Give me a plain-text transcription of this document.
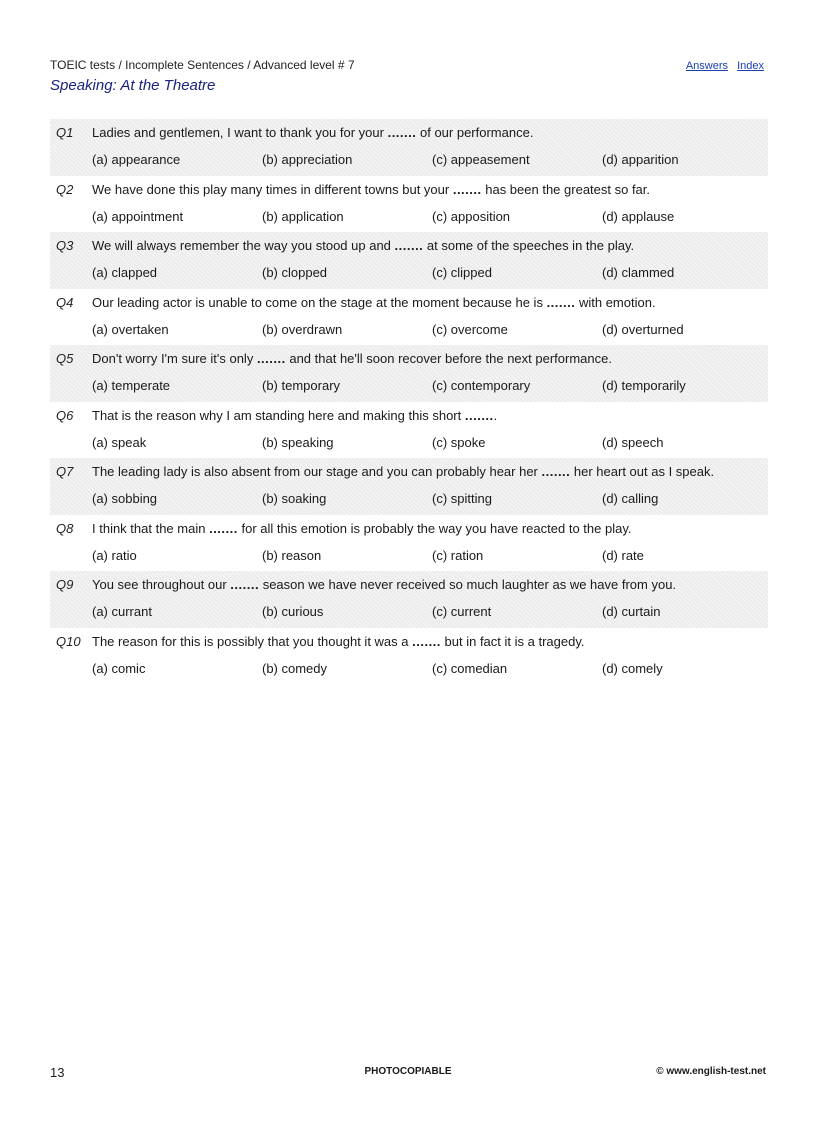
TOEIC tests / Incomplete Sentences / Advanced level # 7
Speaking: At the Theatre
Answers Index
Q1 Ladies and gentlemen, I want to thank you for your ....... of our performance.
(a) appearance	(b) appreciation	(c) appeasement	(d) apparition
Q2 We have done this play many times in different towns but your ....... has been the greatest so far.
(a) appointment	(b) application	(c) apposition	(d) applause
Q3 We will always remember the way you stood up and ....... at some of the speeches in the play.
(a) clapped	(b) clopped	(c) clipped	(d) clammed
Q4 Our leading actor is unable to come on the stage at the moment because he is ....... with emotion.
(a) overtaken	(b) overdrawn	(c) overcome	(d) overturned
Q5 Don't worry I'm sure it's only ....... and that he'll soon recover before the next performance.
(a) temperate	(b) temporary	(c) contemporary	(d) temporarily
Q6 That is the reason why I am standing here and making this short ........
(a) speak	(b) speaking	(c) spoke	(d) speech
Q7 The leading lady is also absent from our stage and you can probably hear her ....... her heart out as I speak.
(a) sobbing	(b) soaking	(c) spitting	(d) calling
Q8 I think that the main ....... for all this emotion is probably the way you have reacted to the play.
(a) ratio	(b) reason	(c) ration	(d) rate
Q9 You see throughout our ....... season we have never received so much laughter as we have from you.
(a) currant	(b) curious	(c) current	(d) curtain
Q10 The reason for this is possibly that you thought it was a ....... but in fact it is a tragedy.
(a) comic	(b) comedy	(c) comedian	(d) comely
13	PHOTOCOPIABLE	© www.english-test.net
